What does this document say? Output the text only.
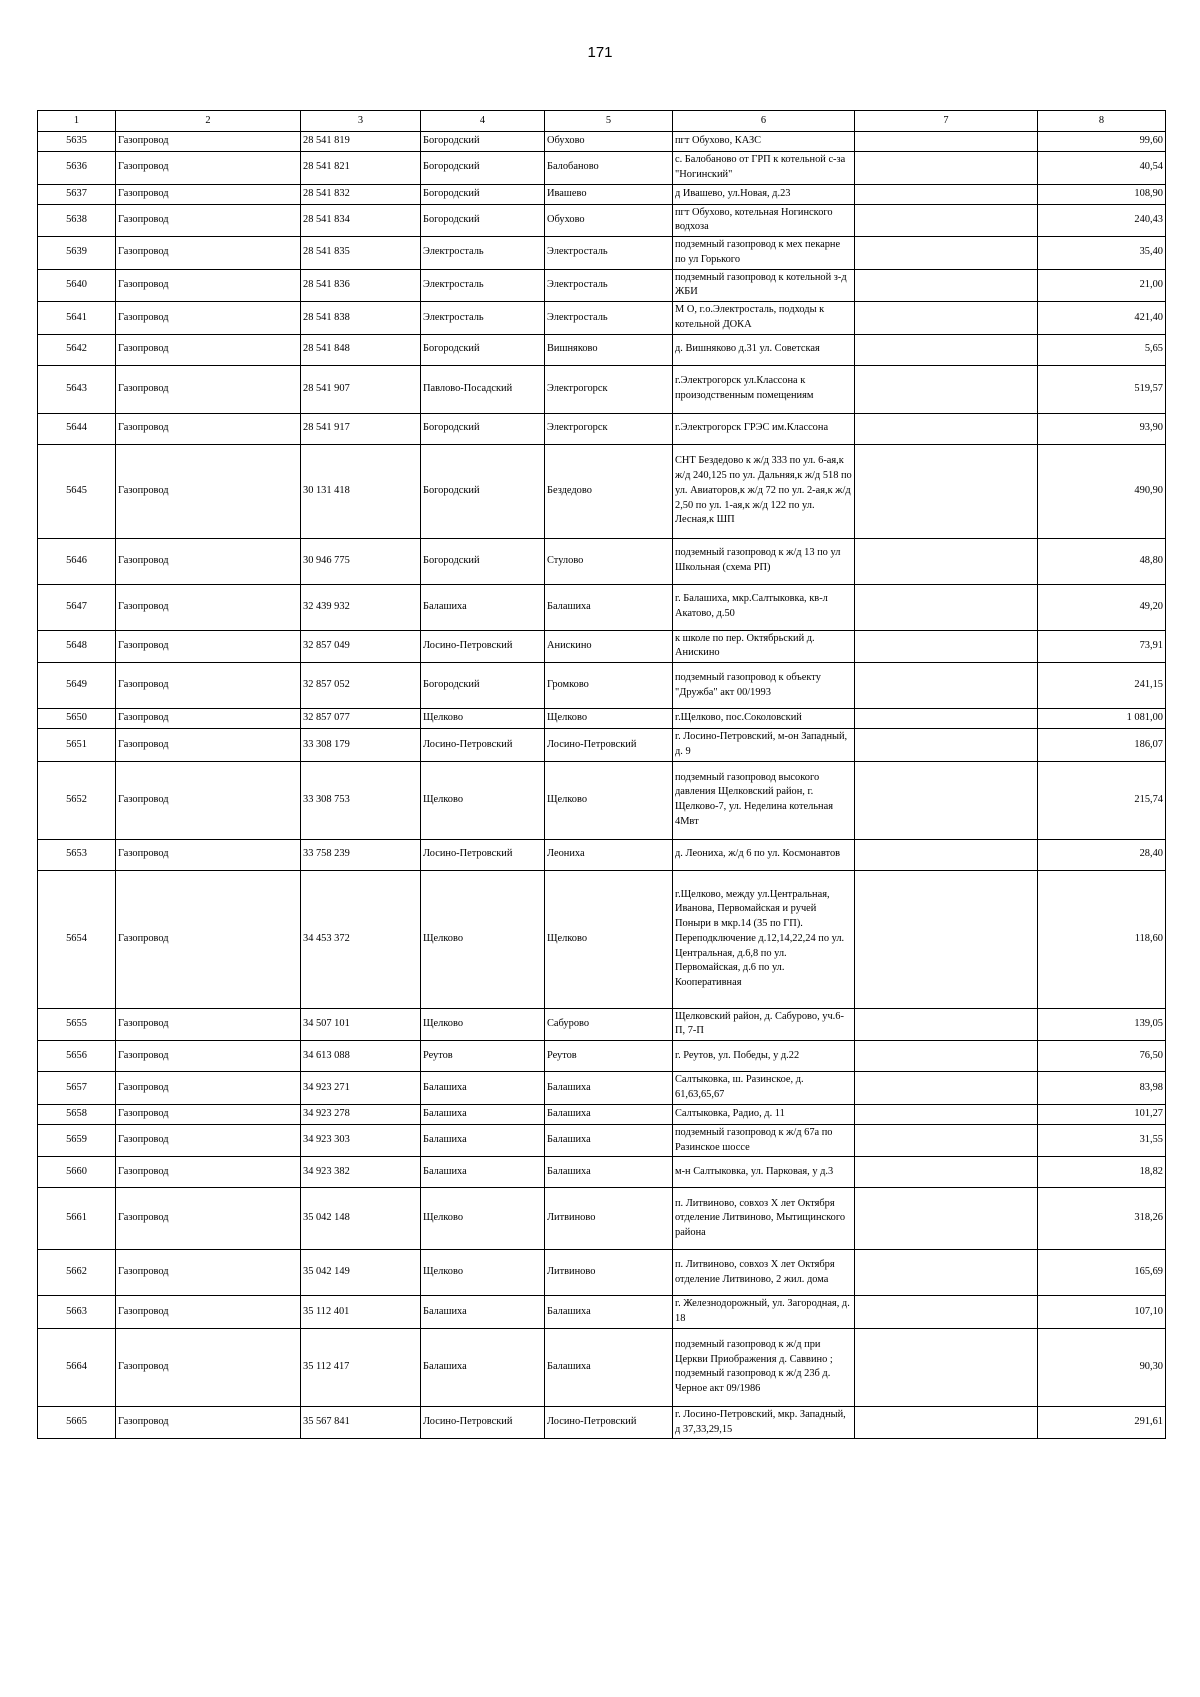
171
1	2	3	4	5	6	7	8
5635	Газопровод	28 541 819	Богородский	Обухово	пгт Обухово, КАЗС		99,60
5636	Газопровод	28 541 821	Богородский	Балобаново	с. Балобаново от ГРП к котельной с-за "Ногинский"		40,54
5637	Газопровод	28 541 832	Богородский	Ивашево	д Ивашево, ул.Новая, д.23		108,90
5638	Газопровод	28 541 834	Богородский	Обухово	пгт Обухово, котельная Ногинского водхоза		240,43
5639	Газопровод	28 541 835	Электросталь	Электросталь	подземный газопровод к мех пекарне по ул Горького		35,40
5640	Газопровод	28 541 836	Электросталь	Электросталь	подземный газопровод к котельной з-д ЖБИ		21,00
5641	Газопровод	28 541 838	Электросталь	Электросталь	М О, г.о.Электросталь, подходы к котельной ДОКА		421,40
5642	Газопровод	28 541 848	Богородский	Вишняково	д. Вишняково д.31 ул. Советская		5,65
5643	Газопровод	28 541 907	Павлово-Посадский	Электрогорск	г.Электрогорск ул.Классона к произодственным помещениям		519,57
5644	Газопровод	28 541 917	Богородский	Электрогорск	г.Электрогорск ГРЭС им.Классона		93,90
5645	Газопровод	30 131 418	Богородский	Бездедово	СНТ Бездедово к ж/д 333 по ул. 6-ая,к ж/д 240,125 по ул. Дальняя,к ж/д 518 по ул. Авиаторов,к ж/д 72 по ул. 2-ая,к ж/д 2,50 по ул. 1-ая,к ж/д 122 по ул. Лесная,к ШП		490,90
5646	Газопровод	30 946 775	Богородский	Стулово	подземный газопровод к ж/д 13 по ул Школьная (схема РП)		48,80
5647	Газопровод	32 439 932	Балашиха	Балашиха	г. Балашиха, мкр.Салтыковка, кв-л Акатово, д.50		49,20
5648	Газопровод	32 857 049	Лосино-Петровский	Анискино	к школе по пер. Октябрьский д. Анискино		73,91
5649	Газопровод	32 857 052	Богородский	Громково	подземный газопровод к объекту "Дружба" акт 00/1993		241,15
5650	Газопровод	32 857 077	Щелково	Щелково	г.Щелково, пос.Соколовский		1 081,00
5651	Газопровод	33 308 179	Лосино-Петровский	Лосино-Петровский	г. Лосино-Петровский, м-он Западный, д. 9		186,07
5652	Газопровод	33 308 753	Щелково	Щелково	подземный газопровод высокого давления Щелковский район, г. Щелково-7, ул. Неделина котельная 4Мвт		215,74
5653	Газопровод	33 758 239	Лосино-Петровский	Леониха	д. Леониха, ж/д 6 по ул. Космонавтов		28,40
5654	Газопровод	34 453 372	Щелково	Щелково	г.Щелково, между ул.Центральная, Иванова, Первомайская и ручей Поныри в мкр.14 (35 по ГП). Переподключение д.12,14,22,24 по ул. Центральная, д.6,8 по ул. Первомайская, д.6 по ул. Кооперативная		118,60
5655	Газопровод	34 507 101	Щелково	Сабурово	Щелковский район, д. Сабурово, уч.6-П, 7-П		139,05
5656	Газопровод	34 613 088	Реутов	Реутов	г. Реутов, ул. Победы, у д.22		76,50
5657	Газопровод	34 923 271	Балашиха	Балашиха	Салтыковка, ш. Разинское, д. 61,63,65,67		83,98
5658	Газопровод	34 923 278	Балашиха	Балашиха	Салтыковка, Радио, д. 11		101,27
5659	Газопровод	34 923 303	Балашиха	Балашиха	подземный газопровод к ж/д 67а по Разинское шоссе		31,55
5660	Газопровод	34 923 382	Балашиха	Балашиха	м-н Салтыковка, ул. Парковая, у д.3		18,82
5661	Газопровод	35 042 148	Щелково	Литвиново	п. Литвиново, совхоз Х лет Октября отделение Литвиново, Мытищинского района		318,26
5662	Газопровод	35 042 149	Щелково	Литвиново	п. Литвиново, совхоз Х лет Октября отделение Литвиново, 2 жил. дома		165,69
5663	Газопровод	35 112 401	Балашиха	Балашиха	г. Железнодорожный, ул. Загородная, д. 18		107,10
5664	Газопровод	35 112 417	Балашиха	Балашиха	подземный газопровод к ж/д при Церкви Приображения д. Саввино ; подземный газопровод к ж/д 23б д. Черное акт 09/1986		90,30
5665	Газопровод	35 567 841	Лосино-Петровский	Лосино-Петровский	г. Лосино-Петровский, мкр. Западный, д 37,33,29,15		291,61
